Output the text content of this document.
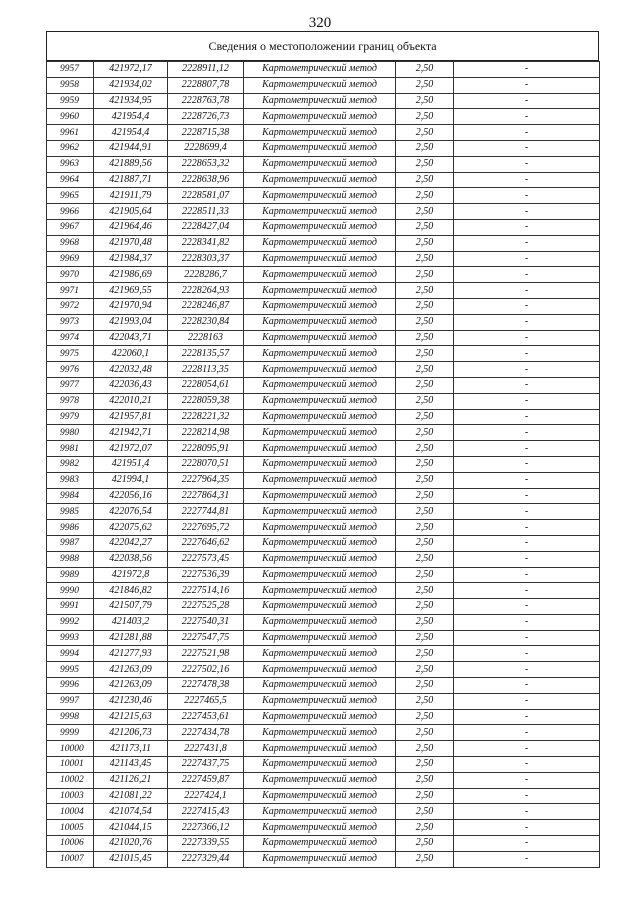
320
Сведения о местоположении границ объекта
9957	421972,17	2228911,12	Картометрический метод	2,50	-
9958	421934,02	2228807,78	Картометрический метод	2,50	-
9959	421934,95	2228763,78	Картометрический метод	2,50	-
9960	421954,4	2228726,73	Картометрический метод	2,50	-
9961	421954,4	2228715,38	Картометрический метод	2,50	-
9962	421944,91	2228699,4	Картометрический метод	2,50	-
9963	421889,56	2228653,32	Картометрический метод	2,50	-
9964	421887,71	2228638,96	Картометрический метод	2,50	-
9965	421911,79	2228581,07	Картометрический метод	2,50	-
9966	421905,64	2228511,33	Картометрический метод	2,50	-
9967	421964,46	2228427,04	Картометрический метод	2,50	-
9968	421970,48	2228341,82	Картометрический метод	2,50	-
9969	421984,37	2228303,37	Картометрический метод	2,50	-
9970	421986,69	2228286,7	Картометрический метод	2,50	-
9971	421969,55	2228264,93	Картометрический метод	2,50	-
9972	421970,94	2228246,87	Картометрический метод	2,50	-
9973	421993,04	2228230,84	Картометрический метод	2,50	-
9974	422043,71	2228163	Картометрический метод	2,50	-
9975	422060,1	2228135,57	Картометрический метод	2,50	-
9976	422032,48	2228113,35	Картометрический метод	2,50	-
9977	422036,43	2228054,61	Картометрический метод	2,50	-
9978	422010,21	2228059,38	Картометрический метод	2,50	-
9979	421957,81	2228221,32	Картометрический метод	2,50	-
9980	421942,71	2228214,98	Картометрический метод	2,50	-
9981	421972,07	2228095,91	Картометрический метод	2,50	-
9982	421951,4	2228070,51	Картометрический метод	2,50	-
9983	421994,1	2227964,35	Картометрический метод	2,50	-
9984	422056,16	2227864,31	Картометрический метод	2,50	-
9985	422076,54	2227744,81	Картометрический метод	2,50	-
9986	422075,62	2227695,72	Картометрический метод	2,50	-
9987	422042,27	2227646,62	Картометрический метод	2,50	-
9988	422038,56	2227573,45	Картометрический метод	2,50	-
9989	421972,8	2227536,39	Картометрический метод	2,50	-
9990	421846,82	2227514,16	Картометрический метод	2,50	-
9991	421507,79	2227525,28	Картометрический метод	2,50	-
9992	421403,2	2227540,31	Картометрический метод	2,50	-
9993	421281,88	2227547,75	Картометрический метод	2,50	-
9994	421277,93	2227521,98	Картометрический метод	2,50	-
9995	421263,09	2227502,16	Картометрический метод	2,50	-
9996	421263,09	2227478,38	Картометрический метод	2,50	-
9997	421230,46	2227465,5	Картометрический метод	2,50	-
9998	421215,63	2227453,61	Картометрический метод	2,50	-
9999	421206,73	2227434,78	Картометрический метод	2,50	-
10000	421173,11	2227431,8	Картометрический метод	2,50	-
10001	421143,45	2227437,75	Картометрический метод	2,50	-
10002	421126,21	2227459,87	Картометрический метод	2,50	-
10003	421081,22	2227424,1	Картометрический метод	2,50	-
10004	421074,54	2227415,43	Картометрический метод	2,50	-
10005	421044,15	2227366,12	Картометрический метод	2,50	-
10006	421020,76	2227339,55	Картометрический метод	2,50	-
10007	421015,45	2227329,44	Картометрический метод	2,50	-
